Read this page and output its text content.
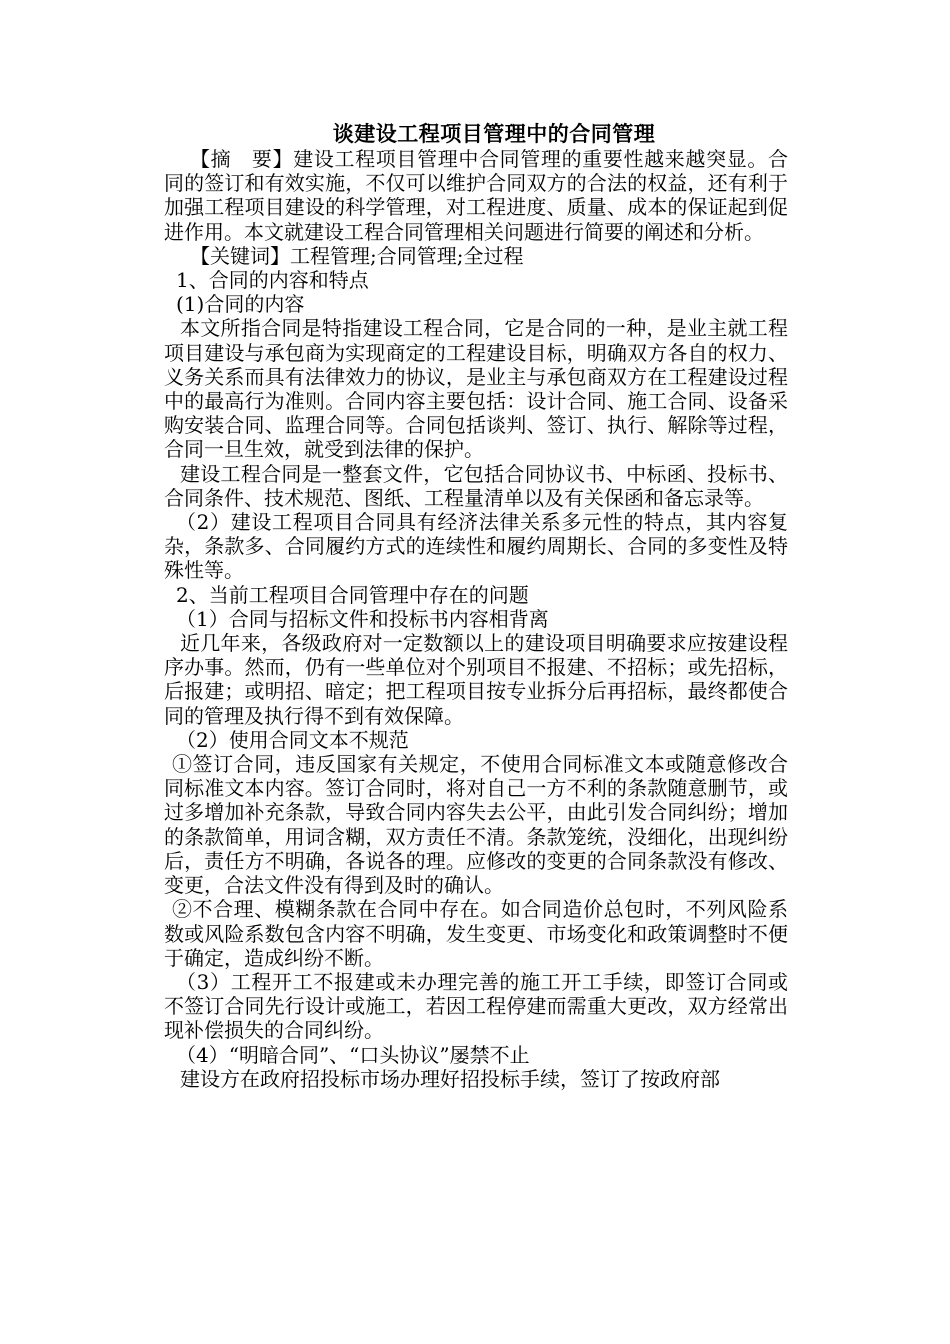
谈建设工程项目管理中的合同管理

【摘　要】建设工程项目管理中合同管理的重要性越来越突显。合同的签订和有效实施，不仅可以维护合同双方的合法的权益，还有利于加强工程项目建设的科学管理，对工程进度、质量、成本的保证起到促进作用。本文就建设工程合同管理相关问题进行简要的阐述和分析。

【关键词】工程管理;合同管理;全过程

1、合同的内容和特点

(1)合同的内容

本文所指合同是特指建设工程合同，它是合同的一种，是业主就工程项目建设与承包商为实现商定的工程建设目标，明确双方各自的权力、义务关系而具有法律效力的协议，是业主与承包商双方在工程建设过程中的最高行为准则。合同内容主要包括：设计合同、施工合同、设备采购安装合同、监理合同等。合同包括谈判、签订、执行、解除等过程，合同一旦生效，就受到法律的保护。

建设工程合同是一整套文件，它包括合同协议书、中标函、投标书、合同条件、技术规范、图纸、工程量清单以及有关保函和备忘录等。

（2）建设工程项目合同具有经济法律关系多元性的特点，其内容复杂，条款多、合同履约方式的连续性和履约周期长、合同的多变性及特殊性等。

2、当前工程项目合同管理中存在的问题

（1）合同与招标文件和投标书内容相背离

近几年来，各级政府对一定数额以上的建设项目明确要求应按建设程序办事。然而，仍有一些单位对个别项目不报建、不招标；或先招标，后报建；或明招、暗定；把工程项目按专业拆分后再招标，最终都使合同的管理及执行得不到有效保障。

（2）使用合同文本不规范

①签订合同，违反国家有关规定，不使用合同标准文本或随意修改合同标准文本内容。签订合同时，将对自己一方不利的条款随意删节，或过多增加补充条款，导致合同内容失去公平，由此引发合同纠纷；增加的条款简单，用词含糊，双方责任不清。条款笼统，没细化，出现纠纷后，责任方不明确，各说各的理。应修改的变更的合同条款没有修改、变更，合法文件没有得到及时的确认。

②不合理、模糊条款在合同中存在。如合同造价总包时，不列风险系数或风险系数包含内容不明确，发生变更、市场变化和政策调整时不便于确定，造成纠纷不断。

（3）工程开工不报建或未办理完善的施工开工手续，即签订合同或不签订合同先行设计或施工，若因工程停建而需重大更改，双方经常出现补偿损失的合同纠纷。

（4）“明暗合同”、“口头协议”屡禁不止

建设方在政府招投标市场办理好招投标手续，签订了按政府部
